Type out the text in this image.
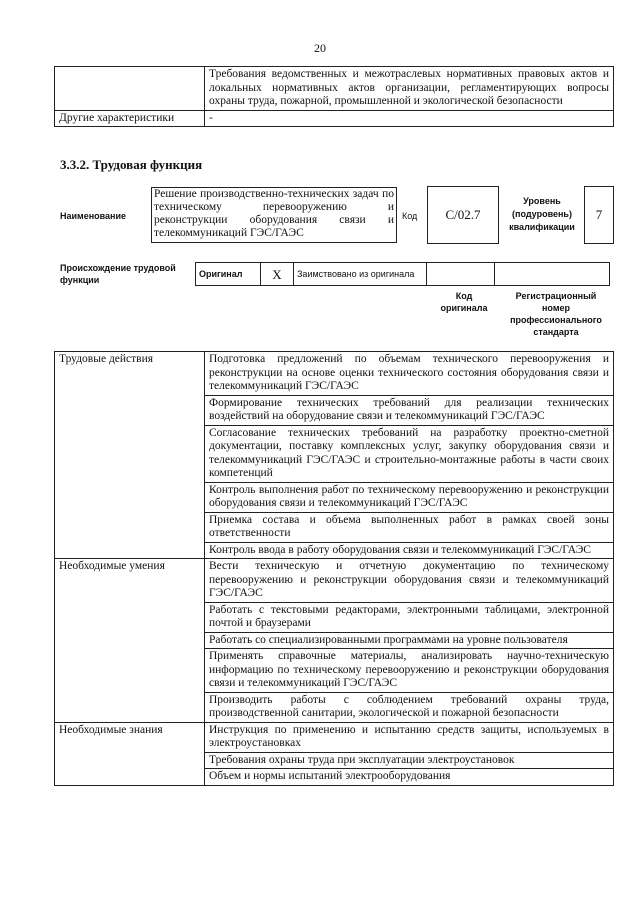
20
	Требования ведомственных и межотраслевых нормативных правовых актов и локальных нормативных актов организации, регламентирующих вопросы охраны труда, пожарной, промышленной и экологической безопасности
Другие характеристики	-
3.3.2. Трудовая функция
Наименование
Решение производственно-технических задач по техническому перевооружению и реконструкции оборудования связи и телекоммуникаций ГЭС/ГАЭС
Код	C/02.7
Уровень (подуровень) квалификации
7
Происхождение трудовой функции
Оригинал	X	Заимствовано из оригинала		
Код оригинала
Регистрационный номер профессионального стандарта
Трудовые действия	Подготовка предложений по объемам технического перевооружения и реконструкции на основе оценки технического состояния оборудования связи и телекоммуникаций ГЭС/ГАЭС
	Формирование технических требований для реализации технических воздействий на оборудование связи и телекоммуникаций ГЭС/ГАЭС
	Согласование технических требований на разработку проектно-сметной документации, поставку комплексных услуг, закупку оборудования связи и телекоммуникаций ГЭС/ГАЭС и строительно-монтажные работы в части своих компетенций
	Контроль выполнения работ по техническому перевооружению и реконструкции оборудования связи и телекоммуникаций ГЭС/ГАЭС
	Приемка состава и объема выполненных работ в рамках своей зоны ответственности
	Контроль ввода в работу оборудования связи и телекоммуникаций ГЭС/ГАЭС
Необходимые умения	Вести техническую и отчетную документацию по техническому перевооружению и реконструкции оборудования связи и телекоммуникаций ГЭС/ГАЭС
	Работать с текстовыми редакторами, электронными таблицами, электронной почтой и браузерами
	Работать со специализированными программами на уровне пользователя
	Применять справочные материалы, анализировать научно-техническую информацию по техническому перевооружению и реконструкции оборудования связи и телекоммуникаций ГЭС/ГАЭС
	Производить работы с соблюдением требований охраны труда, производственной санитарии, экологической и пожарной безопасности
Необходимые знания	Инструкция по применению и испытанию средств защиты, используемых в электроустановках
	Требования охраны труда при эксплуатации электроустановок
	Объем и нормы испытаний электрооборудования
